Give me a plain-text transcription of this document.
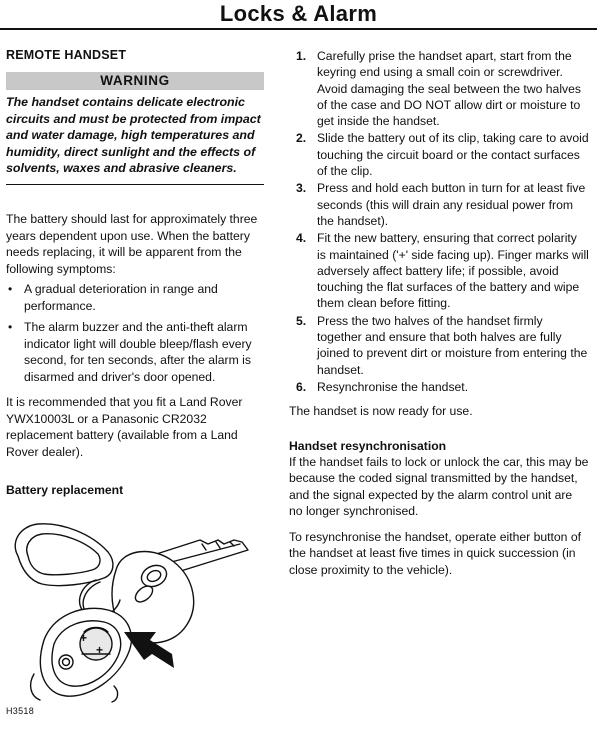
Locks & Alarm
REMOTE HANDSET
WARNING

The handset contains delicate electronic circuits and must be protected from impact and water damage, high temperatures and humidity, direct sunlight and the effects of solvents, waxes and abrasive cleaners.

The battery should last for approximately three years dependent upon use. When the battery needs replacing, it will be apparent from the following symptoms:

• A gradual deterioration in range and performance.
• The alarm buzzer and the anti-theft alarm indicator light will double bleep/flash every second, for ten seconds, after the alarm is disarmed and driver's door opened.

It is recommended that you fit a Land Rover YWX10003L or a Panasonic CR2032 replacement battery (available from a Land Rover dealer).

Battery replacement

+
+
H3518
1. Carefully prise the handset apart, start from the keyring end using a small coin or screwdriver. Avoid damaging the seal between the two halves of the case and DO NOT allow dirt or moisture to get inside the handset.
2. Slide the battery out of its clip, taking care to avoid touching the circuit board or the contact surfaces of the clip.
3. Press and hold each button in turn for at least five seconds (this will drain any residual power from the handset).
4. Fit the new battery, ensuring that correct polarity is maintained ('+' side facing up). Finger marks will adversely affect battery life; if possible, avoid touching the flat surfaces of the battery and wipe them clean before fitting.
5. Press the two halves of the handset firmly together and ensure that both halves are fully joined to prevent dirt or moisture from entering the handset.
6. Resynchronise the handset.

The handset is now ready for use.

Handset resynchronisation

If the handset fails to lock or unlock the car, this may be because the coded signal transmitted by the handset, and the signal expected by the alarm control unit are no longer synchronised.

To resynchronise the handset, operate either button of the handset at least five times in quick succession (in close proximity to the vehicle).
